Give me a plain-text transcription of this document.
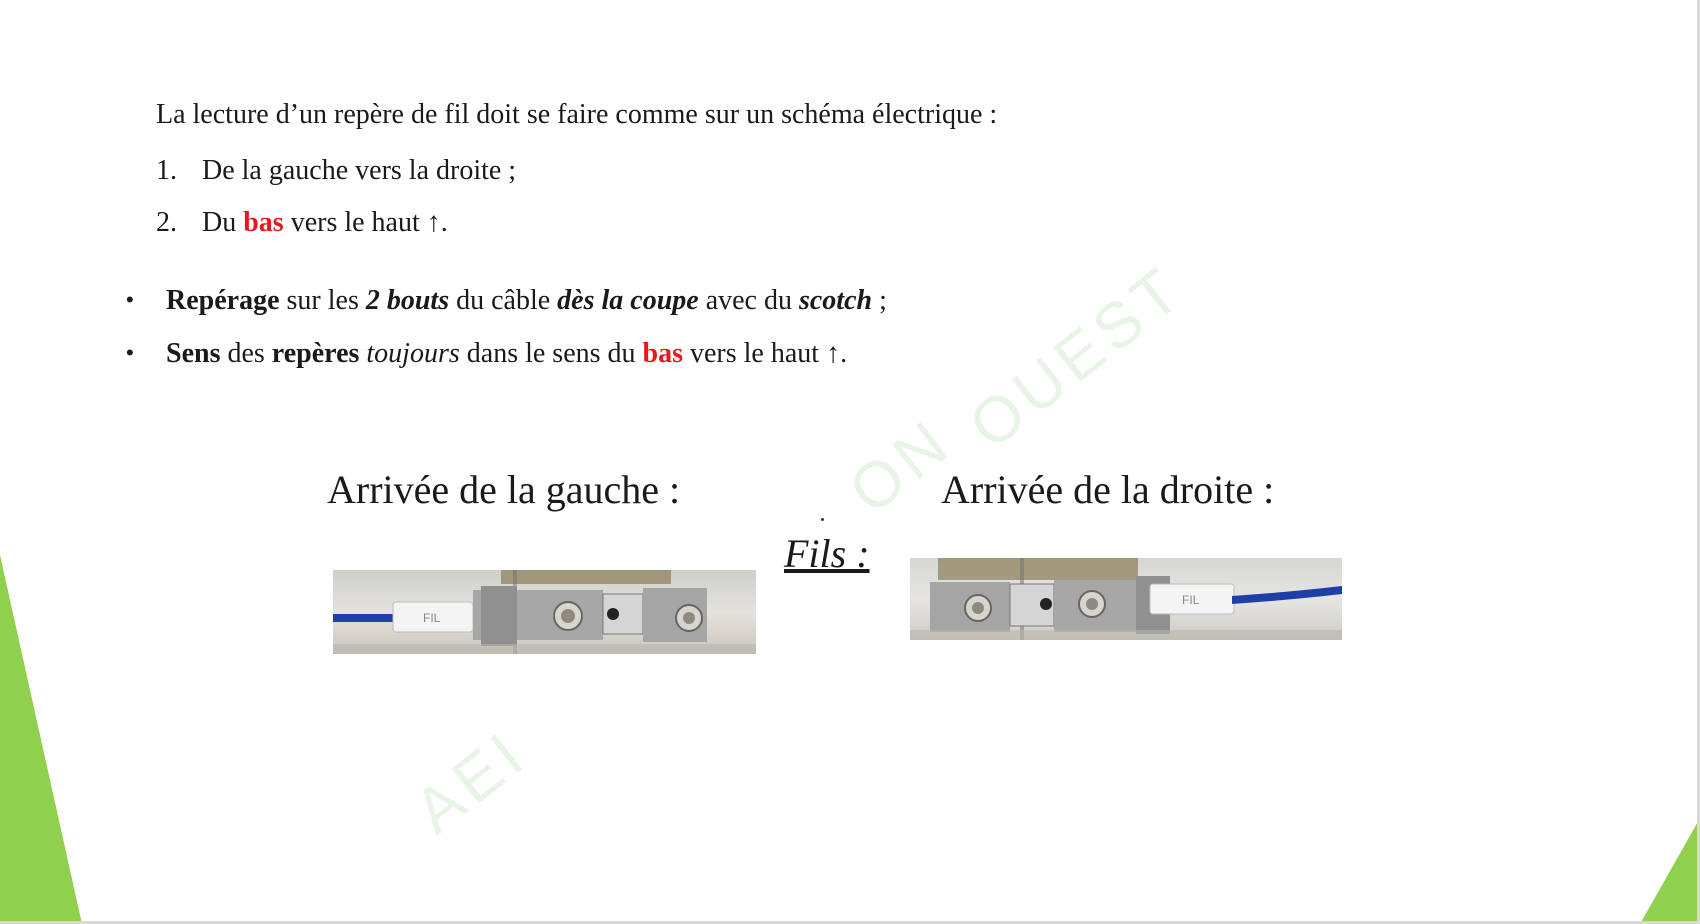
OUEST
ON
AEI
La lecture d’un repère de fil doit se faire comme sur un schéma électrique :
1. De la gauche vers la droite ;
2. Du bas vers le haut ↑.
• Repérage sur les 2 bouts du câble dès la coupe avec du scotch ;
• Sens des repères toujours dans le sens du bas vers le haut ↑.
Arrivée de la gauche :	Arrivée de la droite :
Fils :
FIL
FIL
